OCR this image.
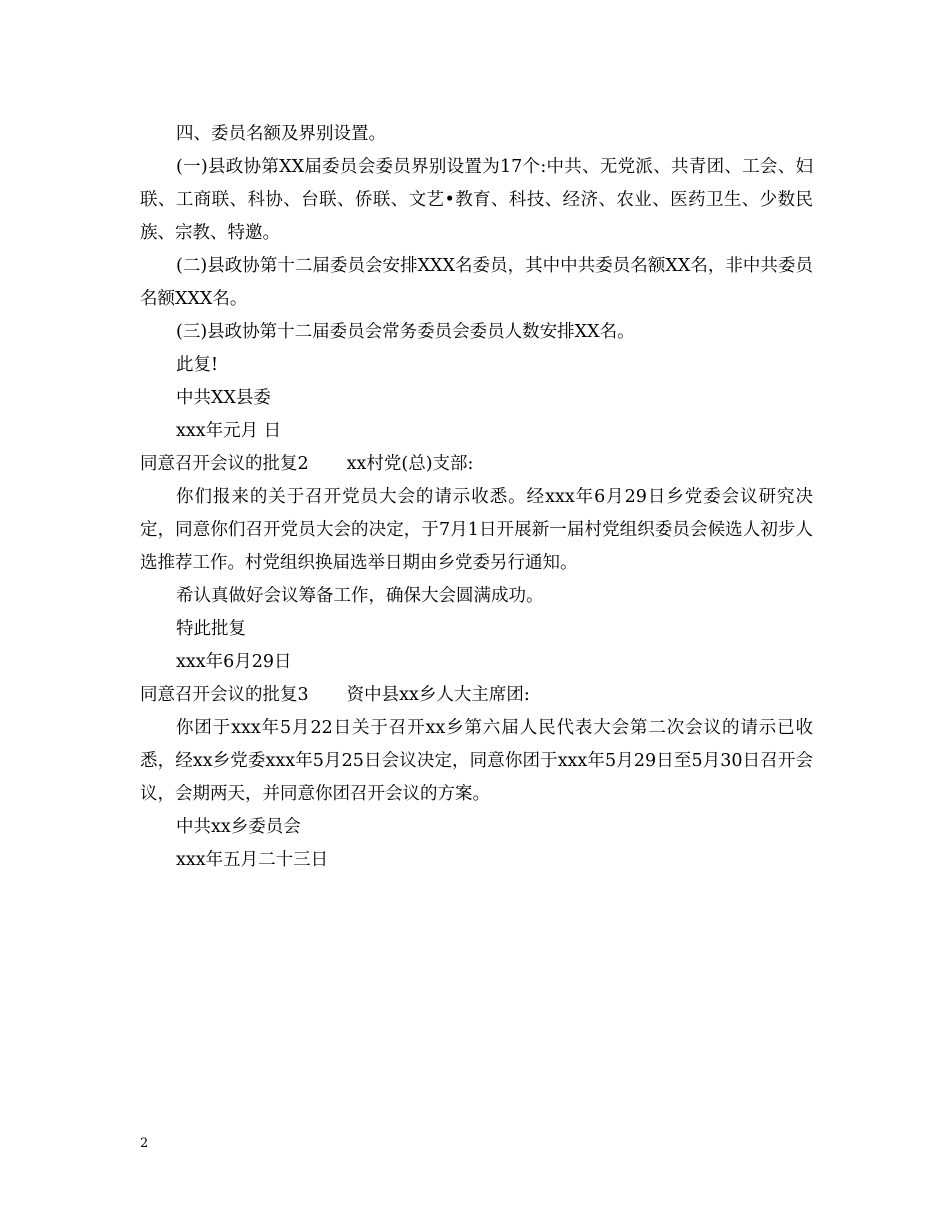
四、委员名额及界别设置。

(一)县政协第XX届委员会委员界别设置为17个:中共、无党派、共青团、工会、妇联、工商联、科协、台联、侨联、文艺•教育、科技、经济、农业、医药卫生、少数民族、宗教、特邀。

(二)县政协第十二届委员会安排XXX名委员，其中中共委员名额XX名，非中共委员名额XXX名。

(三)县政协第十二届委员会常务委员会委员人数安排XX名。

此复!

中共XX县委

xxx年元月 日

同意召开会议的批复2 xx村党(总)支部:

你们报来的关于召开党员大会的请示收悉。经xxx年6月29日乡党委会议研究决定，同意你们召开党员大会的决定，于7月1日开展新一届村党组织委员会候选人初步人选推荐工作。村党组织换届选举日期由乡党委另行通知。

希认真做好会议筹备工作，确保大会圆满成功。

特此批复

xxx年6月29日

同意召开会议的批复3 资中县xx乡人大主席团:

你团于xxx年5月22日关于召开xx乡第六届人民代表大会第二次会议的请示已收悉，经xx乡党委xxx年5月25日会议决定，同意你团于xxx年5月29日至5月30日召开会议，会期两天，并同意你团召开会议的方案。

中共xx乡委员会

xxx年五月二十三日

2
